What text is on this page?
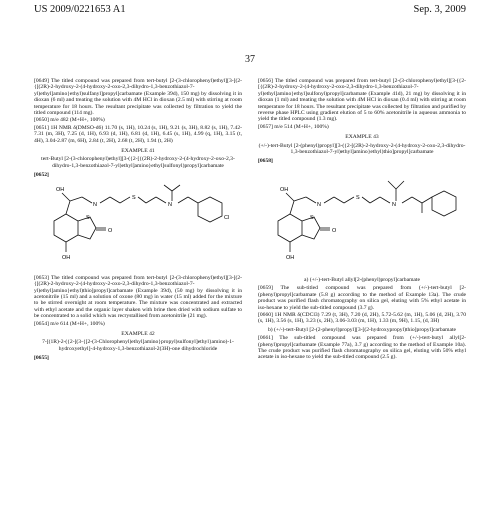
US 2009/0221653 A1	Sep. 3, 2009
37

[0649] The titled compound was prepared from tert-butyl [2-(3-chlorophenyl)ethyl][3-[(2-{[(2R)-2-hydroxy-2-(4-hydroxy-2-oxo-2,3-dihydro-1,3-benzothiazol-7-yl)ethyl]amino}ethyl)sulfanyl]propyl]carbamate (Example 39d), 150 mg) by dissolving it in dioxan (6 ml) and treating the solution with 4M HCl in dioxan (2.5 ml) with stirring at room temperature for 18 hours. The resultant precipitate was collected by filtration to yield the titled compound (114 mg).

[0650] m/e 482 (M+H+, 100%)

[0651] 1H NMR δ(DMSO-d6) 11.70 (s, 1H), 10.24 (s, 1H), 9.21 (s, 3H), 8.82 (s, 1H), 7.42-7.31 (m, 3H), 7.25 (d, 1H), 6.93 (d, 1H), 6.81 (d, 1H), 6.45 (s, 1H), 4.99 (q, 1H), 3.15 (t, 4H), 3.04-2.87 (m, 6H), 2.84 (t, 2H), 2.68 (t, 2H), 1.94 (t, 2H)

EXAMPLE 41
tert-Butyl [2-(3-chlorophenyl)ethyl][3-({2-[{(2R)-2-hydroxy-2-(4-hydroxy-2-oxo-2,3-dihydro-1,3-benzothiazol-7-yl)ethyl]amino}ethyl]sulfonyl)propyl]carbamate
[0652]
OH
S
O
OH
N
S
N
Cl

[0653] The titled compound was prepared from tert-butyl [2-(3-chlorophenyl)ethyl][3-[(2-{[(2R)-2-hydroxy-2-(4-hydroxy-2-oxo-2,3-dihydro-1,3-benzothiazol-7-yl)ethyl]amino}ethyl)thio]propyl]carbamate (Example 39d), (50 mg) by dissolving it in acetonitrile (15 ml) and a solution of oxone (80 mg) in water (15 ml) added for the mixture to be stirred overnight at room temperature. The mixture was concentrated and extracted with ethyl acetate and the organic layer shaken with brine then dried with sodium sulfate to be concentrated to a solid which was recrystallised from acetonitrile (21 mg).

[0654] m/e 614 (M+H+, 100%)

EXAMPLE 42
7-[(1R)-2-({2-[(3-{[2-(3-Chlorophenyl)ethyl]amino}propyl)sulfonyl]ethyl}amino)-1-hydroxyethyl]-4-hydroxy-1,3-benzothiazol-2(3H)-one dihydrochloride
[0655]

[0656] The titled compound was prepared from tert-butyl [2-(3-chlorophenyl)ethyl][3-({2-[{(2R)-2-hydroxy-2-(4-hydroxy-2-oxo-2,3-dihydro-1,3-benzothiazol-7-yl)ethyl]amino}ethyl]sulfonyl)propyl]carbamate (Example 41d), 21 mg) by dissolving it in dioxan (1 ml) and treating the solution with 4M HCl in dioxan (0.4 ml) with stirring at room temperature for 18 hours. The resultant precipitate was collected by filtration and purified by reverse phase HPLC using gradient elution of 5 to 60% acetonitrile in aqueous ammonia to yield the titled compound (1.3 mg).

[0657] m/e 514 (M+H+, 100%)

EXAMPLE 43
(+/-)-tert-Butyl [2-(phenyl)propyl][3-({2-[(2R)-2-hydroxy-2-(4-hydroxy-2-oxo-2,3-dihydro-1,3-benzothiazol-7-yl)ethyl]amino}ethyl)thio]propyl]carbamate
[0658]
OH
S
O
OH
N
S
N
a) (+/-)-tert-Butyl allyl[2-(phenyl)propyl]carbamate

[0659] The sub-titled compound was prepared from (+/-)-tert-butyl [2-(phenyl)propyl]carbamate (5.8 g) according to the method of Example 13a). The crude product was purified flash chromatography on silica gel, eluting with 5% ethyl acetate in iso-hexane to yield the sub-titled compound (3.7 g).

[0660] 1H NMR δ(CDCl3) 7.29 (t, 3H), 7.20 (d, 2H), 5.72-5.62 (m, 1H), 5.06 (d, 2H), 3.70 (s, 1H), 3.56 (s, 1H), 3.23 (s, 2H), 3.06-3.03 (m, 1H), 1.33 (m, 9H), 1.15, (d, 3H)

b) (+/-)-tert-Butyl [2-(2-phenyl)propyl][3-[(2-hydroxypropyl)thio]propyl]carbamate

[0661] The sub-titled compound was prepared from (+/-)-tert-butyl allyl[2-(phenyl)propyl]carbamate (Example 77a), 3.7 g) according to the method of Example 10a). The crude product was purified flash chromatography on silica gel, eluting with 50% ethyl acetate in iso-hexane to yield the sub-titled compound (2.5 g).
